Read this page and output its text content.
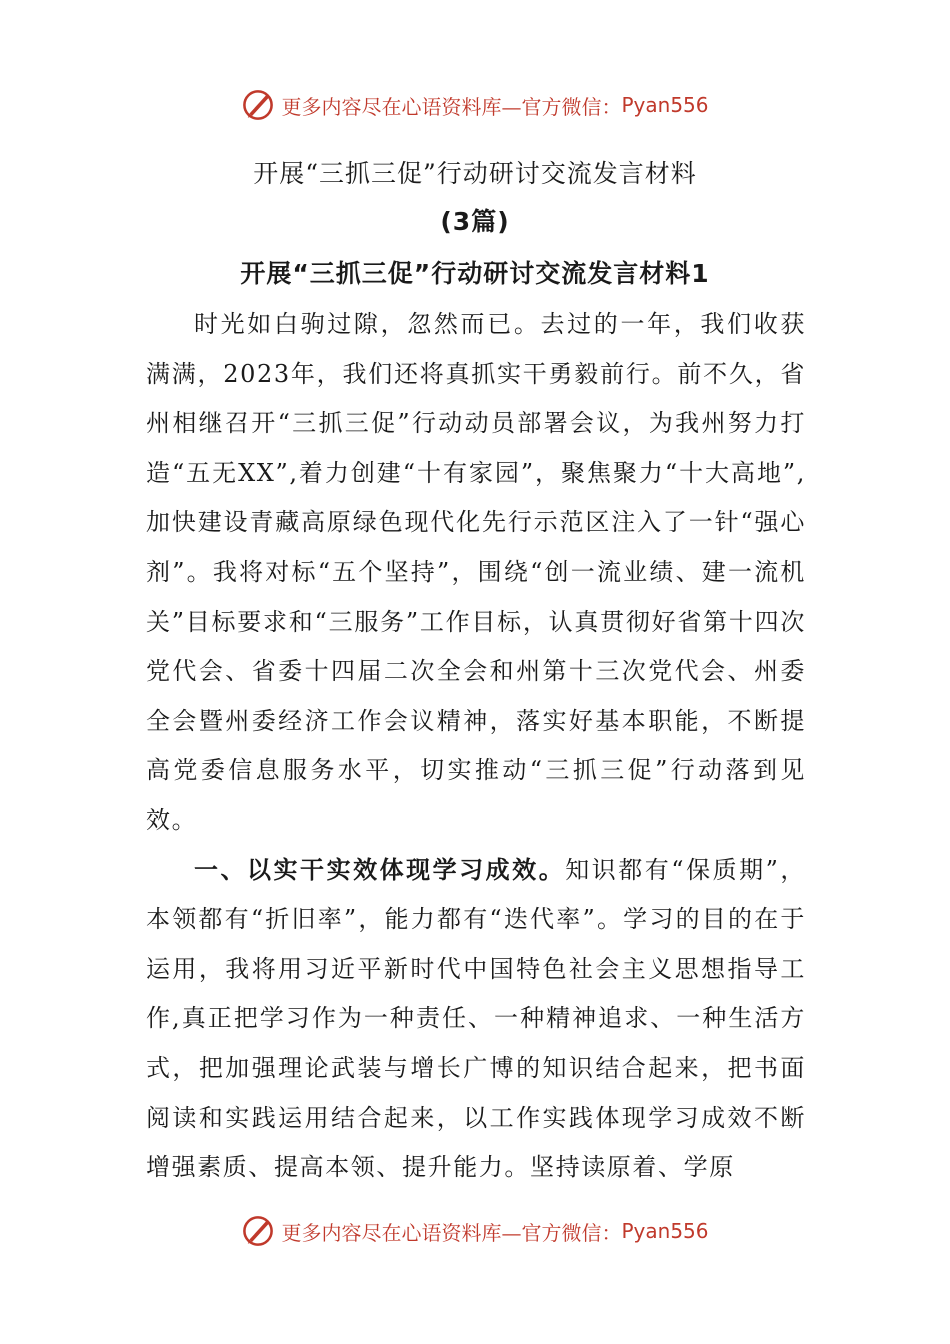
更多内容尽在心语资料库—官方微信： Pyan556
开展“三抓三促”行动研讨交流发言材料
(3篇)
开展“三抓三促”行动研讨交流发言材料1

时光如白驹过隙，忽然而已。去过的一年，我们收获满满，2023年，我们还将真抓实干勇毅前行。前不久，省州相继召开“三抓三促”行动动员部署会议，为我州努力打造“五无XX”,着力创建“十有家园”，聚焦聚力“十大高地”,加快建设青藏高原绿色现代化先行示范区注入了一针“强心剂”。我将对标“五个坚持”，围绕“创一流业绩、建一流机关”目标要求和“三服务”工作目标，认真贯彻好省第十四次党代会、省委十四届二次全会和州第十三次党代会、州委全会暨州委经济工作会议精神，落实好基本职能，不断提高党委信息服务水平，切实推动“三抓三促”行动落到见效。

一、以实干实效体现学习成效。知识都有“保质期”，本领都有“折旧率”，能力都有“迭代率”。学习的目的在于运用，我将用习近平新时代中国特色社会主义思想指导工作,真正把学习作为一种责任、一种精神追求、一种生活方式，把加强理论武装与增长广博的知识结合起来，把书面阅读和实践运用结合起来，以工作实践体现学习成效不断增强素质、提高本领、提升能力。坚持读原着、学原

更多内容尽在心语资料库—官方微信： Pyan556
